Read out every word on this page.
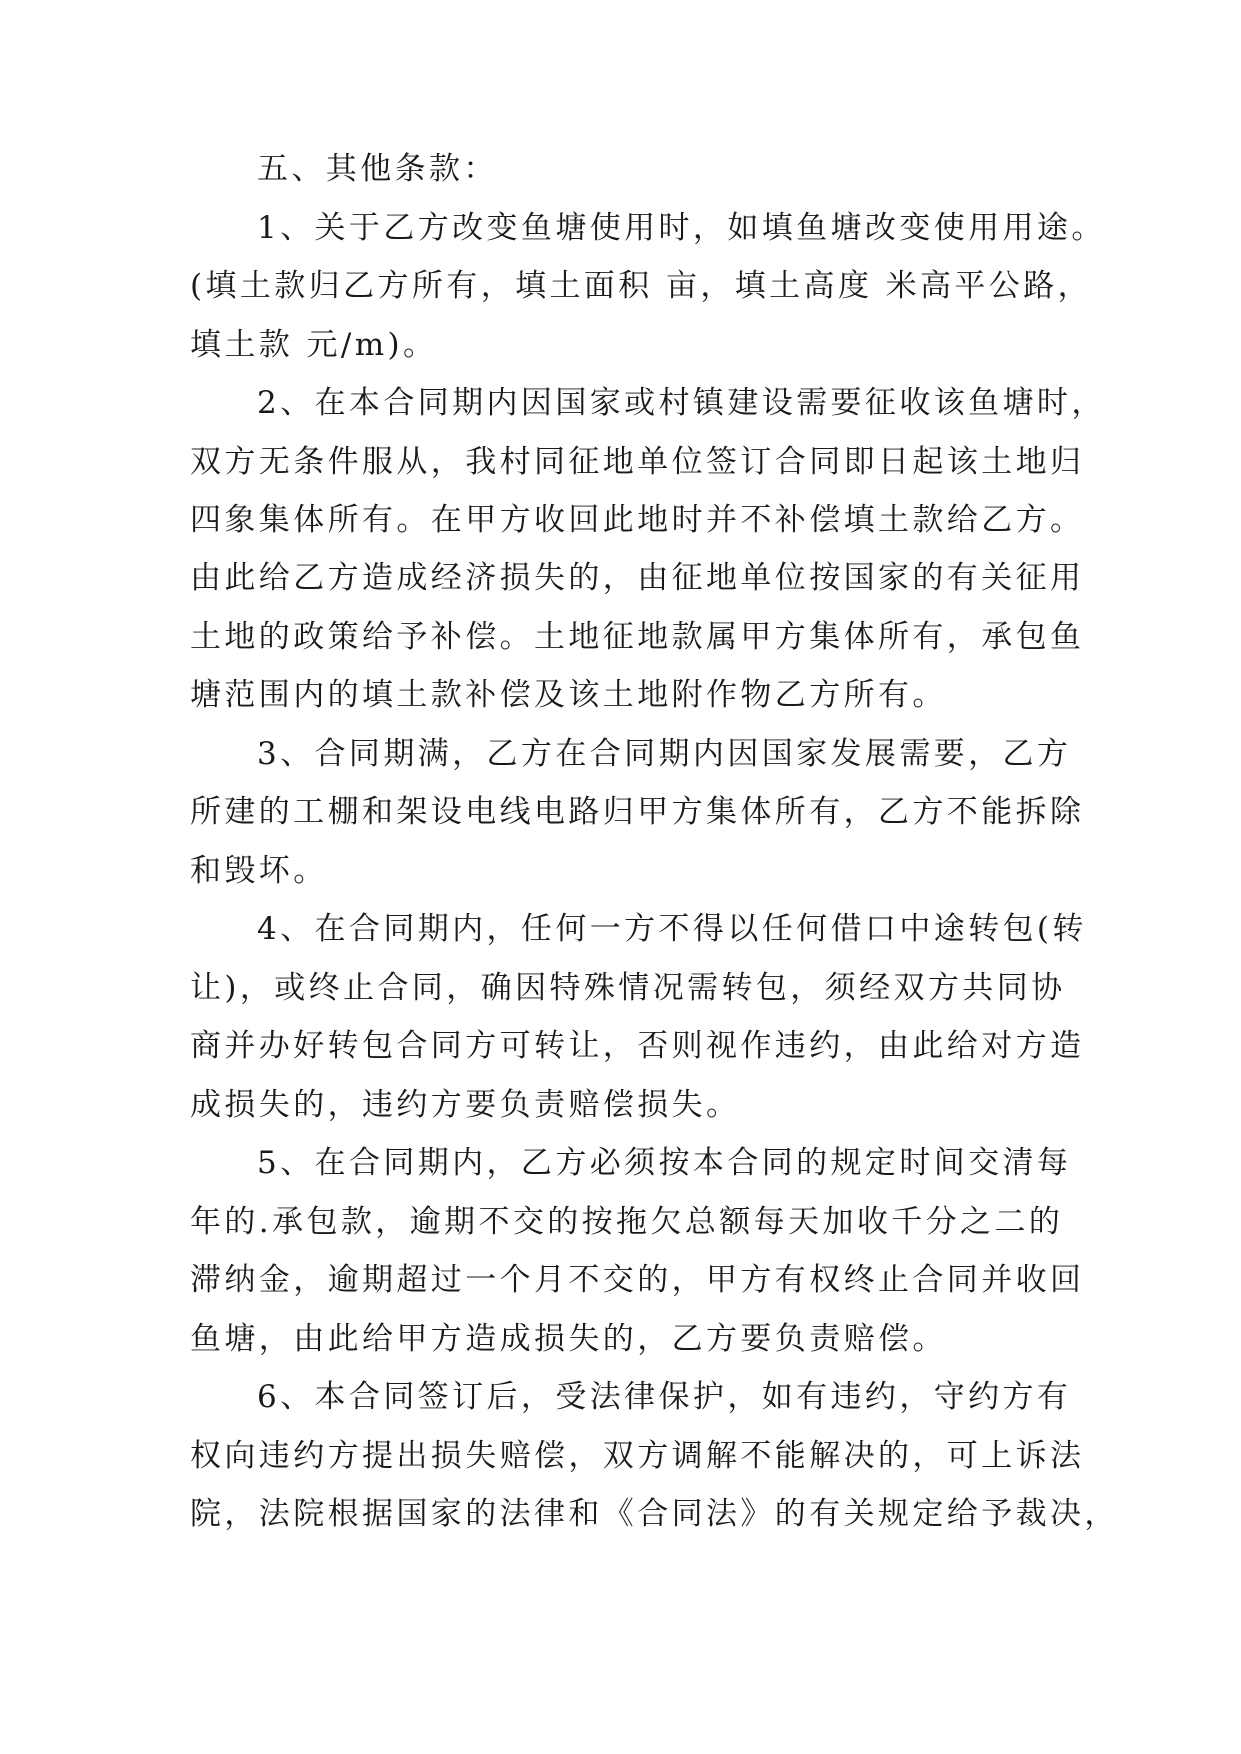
五、其他条款：
1、关于乙方改变鱼塘使用时，如填鱼塘改变使用用途。
(填土款归乙方所有，填土面积 亩，填土高度 米高平公路，
填土款 元/m)。
2、在本合同期内因国家或村镇建设需要征收该鱼塘时，
双方无条件服从，我村同征地单位签订合同即日起该土地归
四象集体所有。在甲方收回此地时并不补偿填土款给乙方。
由此给乙方造成经济损失的，由征地单位按国家的有关征用
土地的政策给予补偿。土地征地款属甲方集体所有，承包鱼
塘范围内的填土款补偿及该土地附作物乙方所有。
3、合同期满，乙方在合同期内因国家发展需要，乙方
所建的工棚和架设电线电路归甲方集体所有，乙方不能拆除
和毁坏。
4、在合同期内，任何一方不得以任何借口中途转包(转
让)，或终止合同，确因特殊情况需转包，须经双方共同协
商并办好转包合同方可转让，否则视作违约，由此给对方造
成损失的，违约方要负责赔偿损失。
5、在合同期内，乙方必须按本合同的规定时间交清每
年的.承包款，逾期不交的按拖欠总额每天加收千分之二的
滞纳金，逾期超过一个月不交的，甲方有权终止合同并收回
鱼塘，由此给甲方造成损失的，乙方要负责赔偿。
6、本合同签订后，受法律保护，如有违约，守约方有
权向违约方提出损失赔偿，双方调解不能解决的，可上诉法
院，法院根据国家的法律和《合同法》的有关规定给予裁决，
